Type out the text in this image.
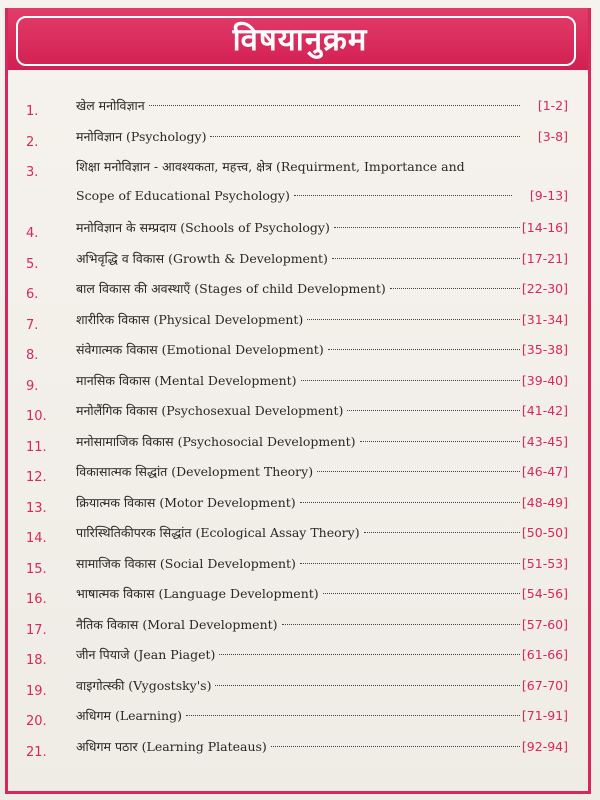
विषयानुक्रम
1.	खेल मनोविज्ञान	[1-2]
2.	मनोविज्ञान (Psychology)	[3-8]
3.	शिक्षा मनोविज्ञान - आवश्यकता, महत्त्व, क्षेत्र (Requirment, Importance and
Scope of Educational Psychology)	[9-13]
4.	मनोविज्ञान के सम्प्रदाय (Schools of Psychology)	[14-16]
5.	अभिवृद्धि व विकास (Growth & Development)	[17-21]
6.	बाल विकास की अवस्थाएँ (Stages of child Development)	[22-30]
7.	शारीरिक विकास (Physical Development)	[31-34]
8.	संवेगात्मक विकास (Emotional Development)	[35-38]
9.	मानसिक विकास (Mental Development)	[39-40]
10. मनोलैंगिक विकास (Psychosexual Development)	[41-42]
11. मनोसामाजिक विकास (Psychosocial Development)	[43-45]
12. विकासात्मक सिद्धांत (Development Theory)	[46-47]
13. क्रियात्मक विकास (Motor Development)	[48-49]
14. पारिस्थितिकीपरक सिद्धांत (Ecological Assay Theory)	[50-50]
15. सामाजिक विकास (Social Development)	[51-53]
16. भाषात्मक विकास (Language Development)	[54-56]
17. नैतिक विकास (Moral Development)	[57-60]
18. जीन पियाजे (Jean Piaget)	[61-66]
19. वाइगोत्स्की (Vygostsky's)	[67-70]
20. अधिगम (Learning)	[71-91]
21. अधिगम पठार (Learning Plateaus)	[92-94]
